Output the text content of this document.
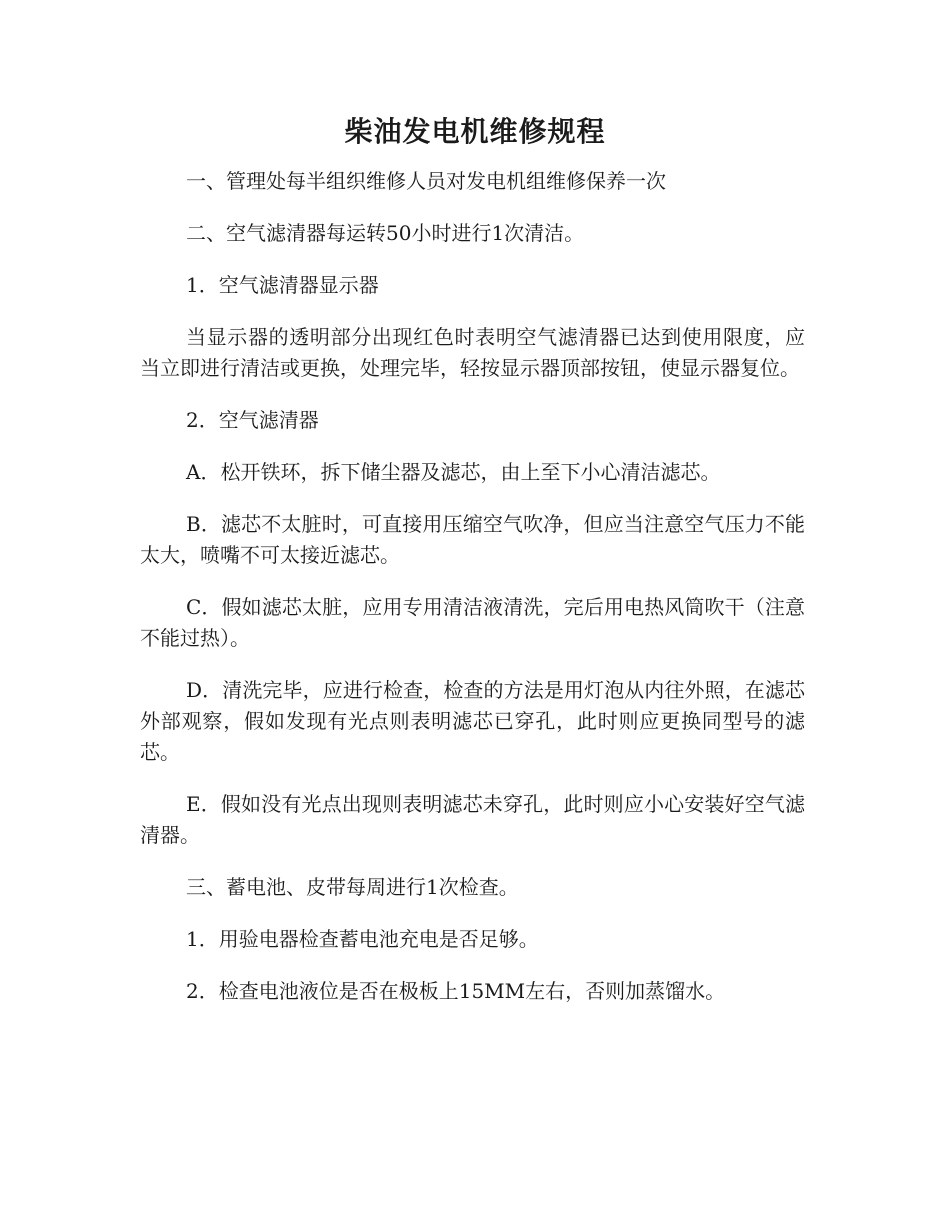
柴油发电机维修规程

一、管理处每半组织维修人员对发电机组维修保养一次

二、空气滤清器每运转50小时进行1次清洁。

1．空气滤清器显示器

当显示器的透明部分出现红色时表明空气滤清器已达到使用限度，应当立即进行清洁或更换，处理完毕，轻按显示器顶部按钮，使显示器复位。

2．空气滤清器

A．松开铁环，拆下储尘器及滤芯，由上至下小心清洁滤芯。

B．滤芯不太脏时，可直接用压缩空气吹净，但应当注意空气压力不能太大，喷嘴不可太接近滤芯。

C．假如滤芯太脏，应用专用清洁液清洗，完后用电热风筒吹干（注意不能过热）。

D．清洗完毕，应进行检查，检查的方法是用灯泡从内往外照，在滤芯外部观察，假如发现有光点则表明滤芯已穿孔，此时则应更换同型号的滤芯。

E．假如没有光点出现则表明滤芯未穿孔，此时则应小心安装好空气滤清器。

三、蓄电池、皮带每周进行1次检查。

1．用验电器检查蓄电池充电是否足够。

2．检查电池液位是否在极板上15MM左右，否则加蒸馏水。
